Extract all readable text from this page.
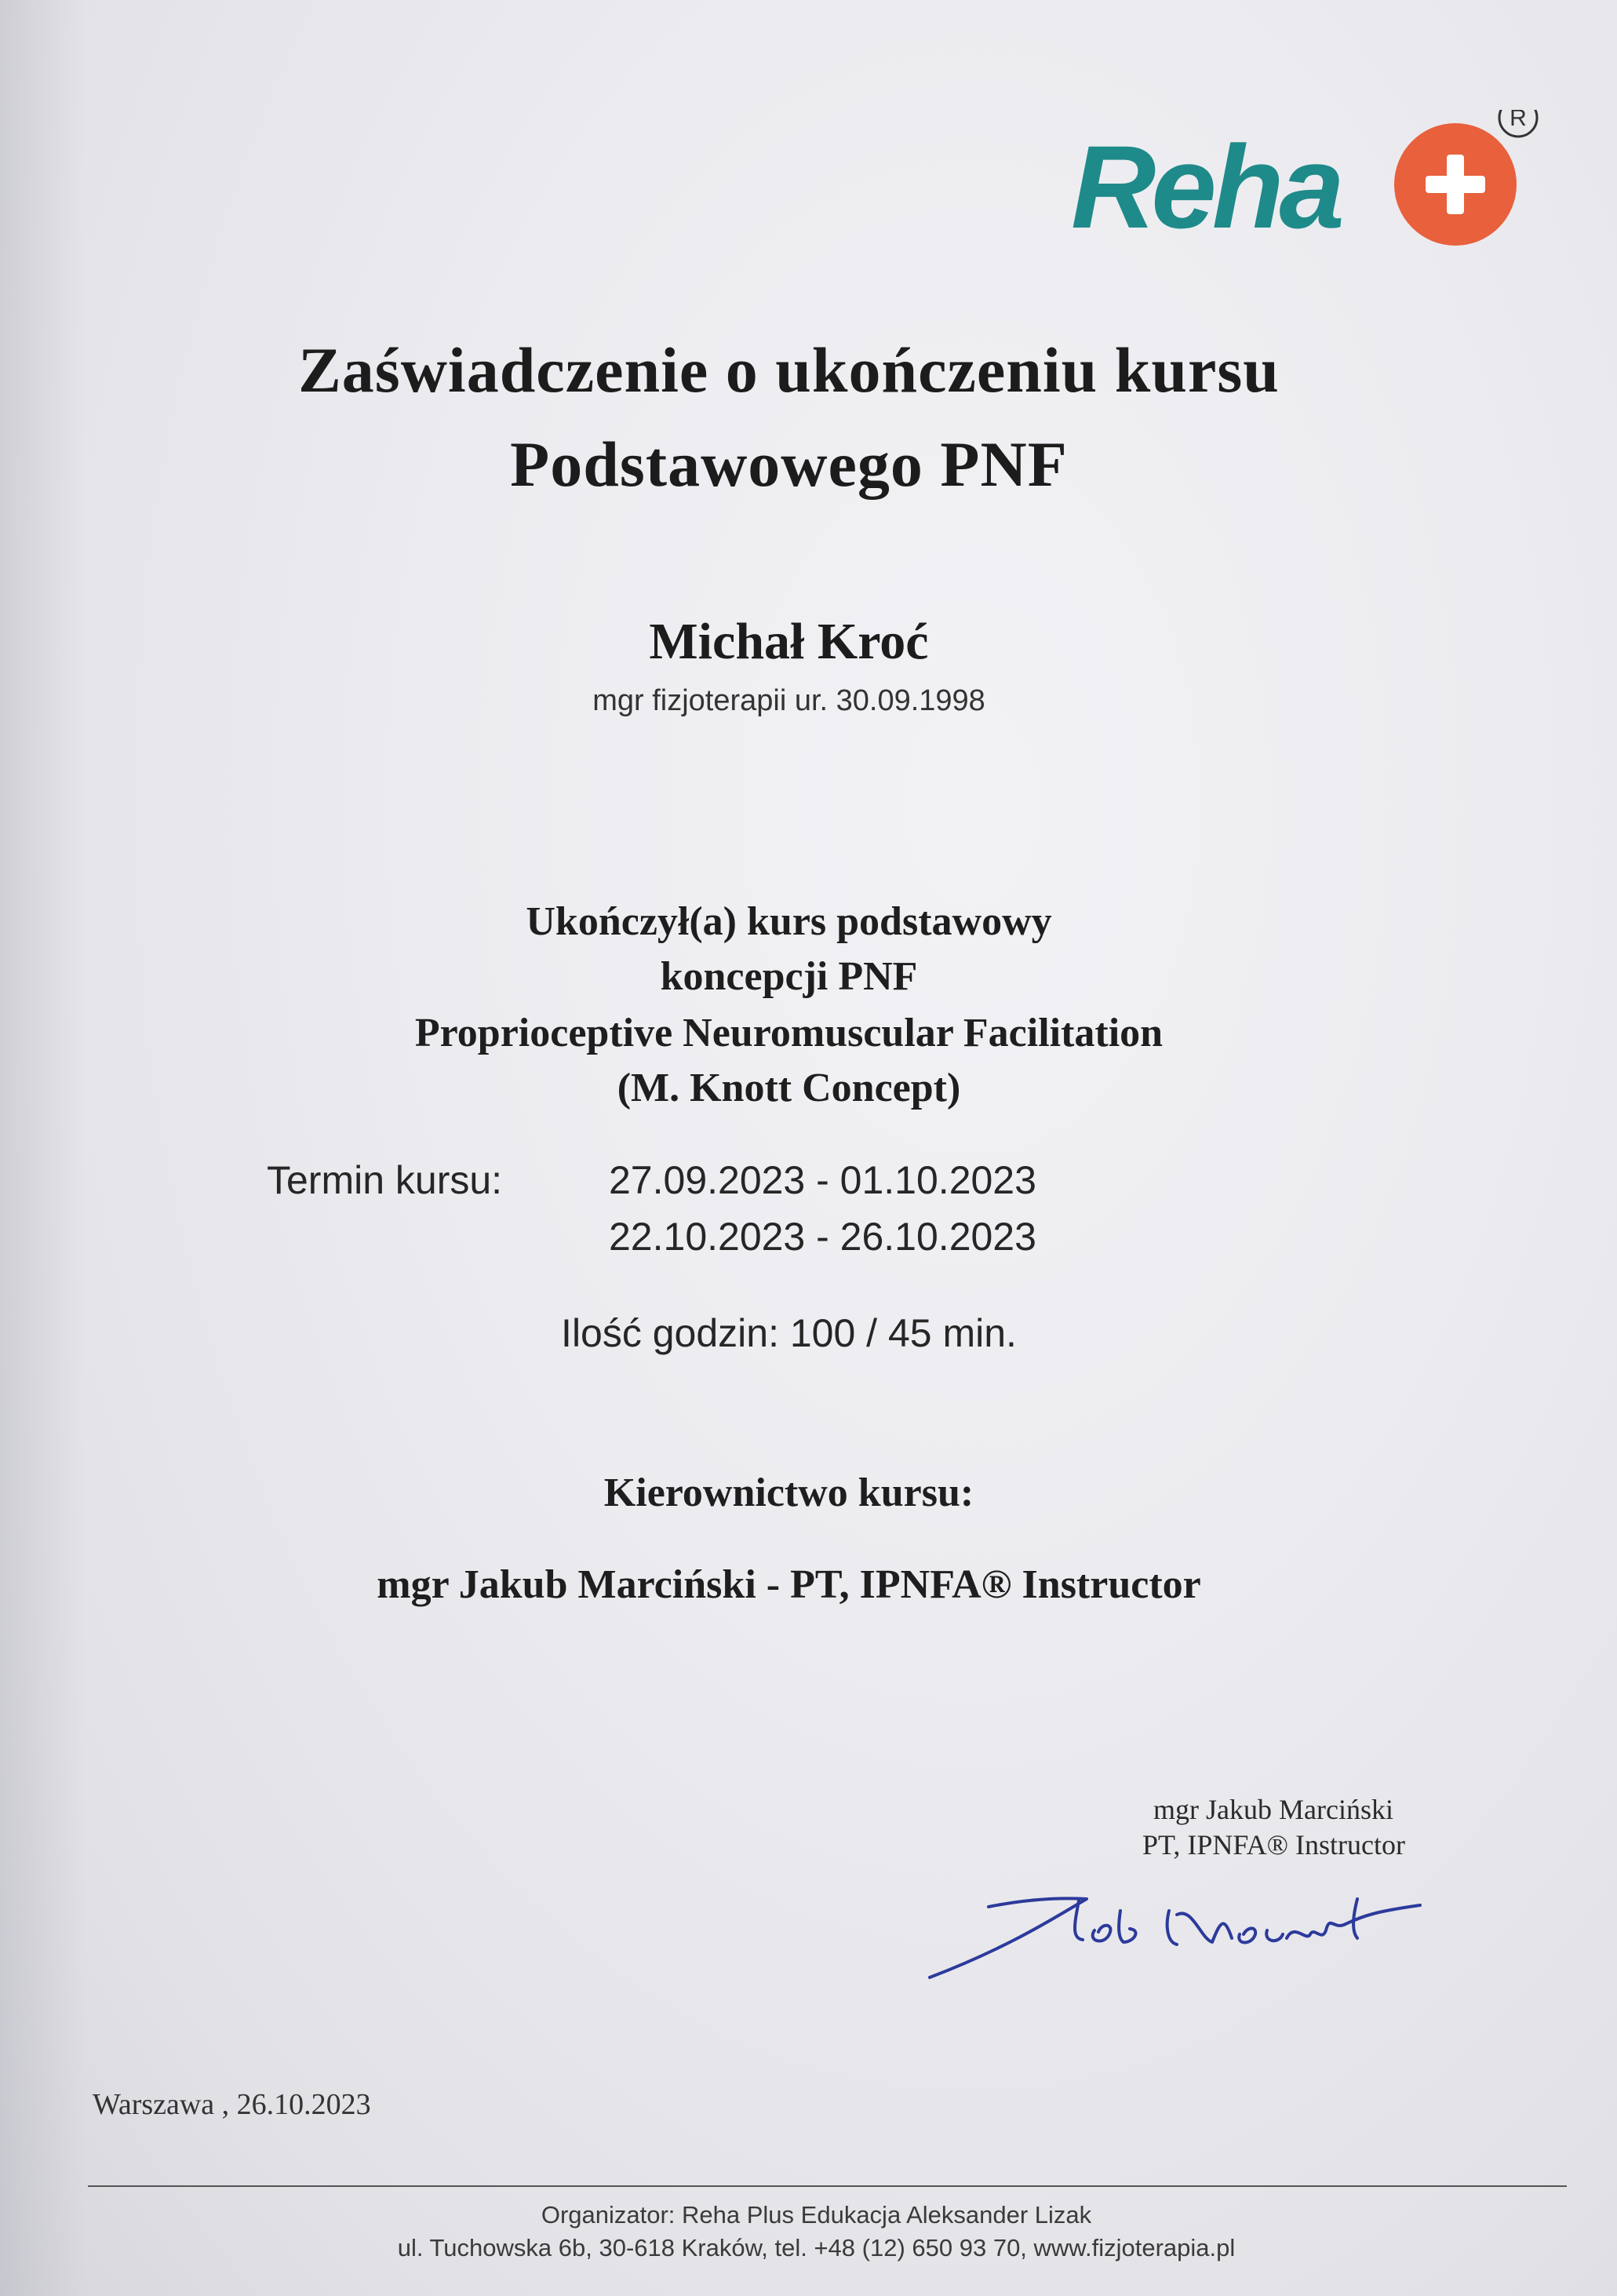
Reha
R
Zaświadczenie o ukończeniu kursu
Podstawowego PNF
Michał Kroć
mgr fizjoterapii ur. 30.09.1998
Ukończył(a) kurs podstawowy
koncepcji PNF
Proprioceptive Neuromuscular Facilitation
(M. Knott Concept)
Termin kursu:	27.09.2023 - 01.10.2023
22.10.2023 - 26.10.2023
Ilość godzin: 100 / 45 min.
Kierownictwo kursu:
mgr Jakub Marciński - PT, IPNFA® Instructor
mgr Jakub Marciński
PT, IPNFA® Instructor
Warszawa , 26.10.2023
Organizator: Reha Plus Edukacja Aleksander Lizak
ul. Tuchowska 6b, 30-618 Kraków, tel. +48 (12) 650 93 70, www.fizjoterapia.pl
